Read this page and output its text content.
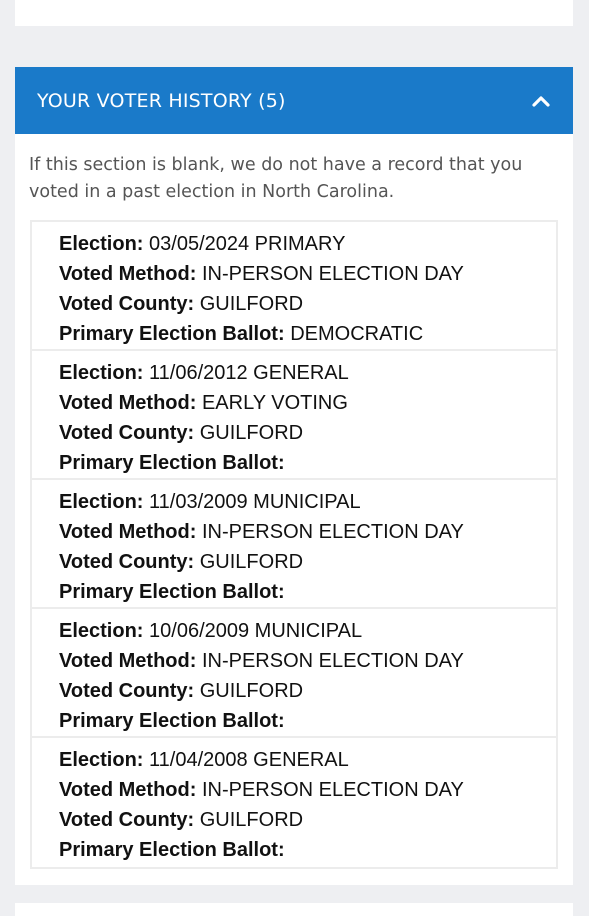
YOUR VOTER HISTORY (5)
If this section is blank, we do not have a record that you voted in a past election in North Carolina.
Election: 03/05/2024 PRIMARY
Voted Method: IN-PERSON ELECTION DAY
Voted County: GUILFORD
Primary Election Ballot: DEMOCRATIC
Election: 11/06/2012 GENERAL
Voted Method: EARLY VOTING
Voted County: GUILFORD
Primary Election Ballot:
Election: 11/03/2009 MUNICIPAL
Voted Method: IN-PERSON ELECTION DAY
Voted County: GUILFORD
Primary Election Ballot:
Election: 10/06/2009 MUNICIPAL
Voted Method: IN-PERSON ELECTION DAY
Voted County: GUILFORD
Primary Election Ballot:
Election: 11/04/2008 GENERAL
Voted Method: IN-PERSON ELECTION DAY
Voted County: GUILFORD
Primary Election Ballot:
